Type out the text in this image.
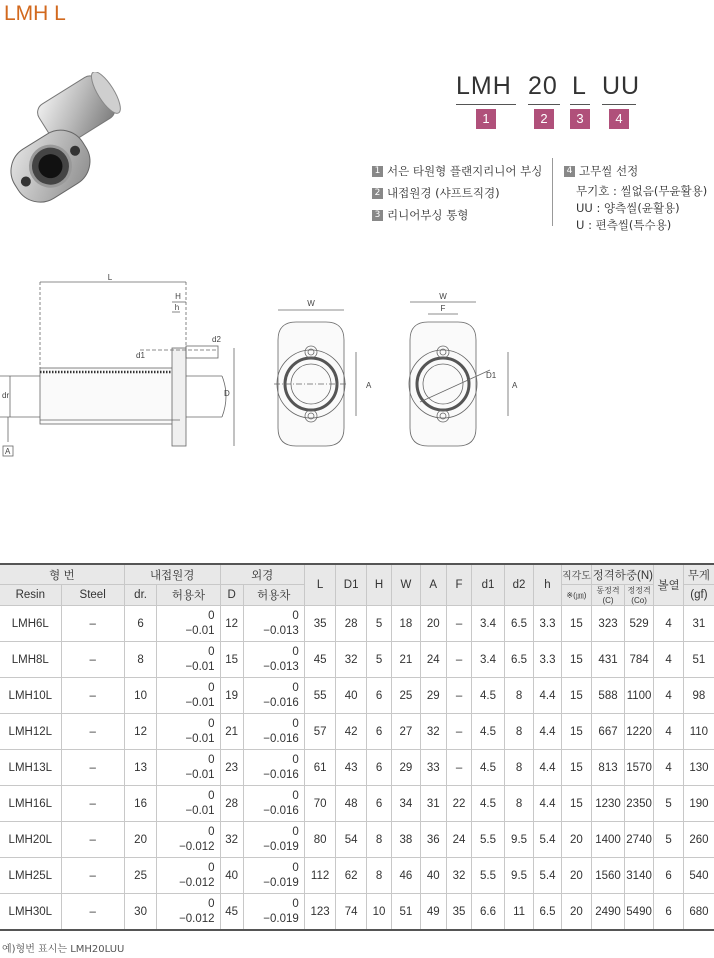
LMH L
LMH 20 L UU
1	2	3	4
1 서은 타원형 플랜지리니어 부싱
2 내접원경 (샤프트직경)
3 리니어부싱 통형
4 고무씰 선정
무기호 : 씰없음(무윤활용)
UU : 양측씰(윤활용)
U : 편측씰(특수용)
L
H
h
d1
d2
dr	D
A
W
A
W
F
D1
A
형 번		내접원경		외경		L	D1	H	W	A	F	d1	d2	h	직각도	정격하중(N)		볼열	무게
Resin	Steel	dr.	허용차	D	허용차										※(㎛)	동정격(C)	정정격(Co)		(gf)
LMH6L	–	6	0
−0.01	12	0
−0.013	35	28	5	18	20	–	3.4	6.5	3.3	15	323	529	4	31
LMH8L	–	8	0
−0.01	15	0
−0.013	45	32	5	21	24	–	3.4	6.5	3.3	15	431	784	4	51
LMH10L	–	10	0
−0.01	19	0
−0.016	55	40	6	25	29	–	4.5	8	4.4	15	588	1100	4	98
LMH12L	–	12	0
−0.01	21	0
−0.016	57	42	6	27	32	–	4.5	8	4.4	15	667	1220	4	110
LMH13L	–	13	0
−0.01	23	0
−0.016	61	43	6	29	33	–	4.5	8	4.4	15	813	1570	4	130
LMH16L	–	16	0
−0.01	28	0
−0.016	70	48	6	34	31	22	4.5	8	4.4	15	1230	2350	5	190
LMH20L	–	20	0
−0.012	32	0
−0.019	80	54	8	38	36	24	5.5	9.5	5.4	20	1400	2740	5	260
LMH25L	–	25	0
−0.012	40	0
−0.019	112	62	8	46	40	32	5.5	9.5	5.4	20	1560	3140	6	540
LMH30L	–	30	0
−0.012	45	0
−0.019	123	74	10	51	49	35	6.6	11	6.5	20	2490	5490	6	680
예)형번 표시는 LMH20LUU
